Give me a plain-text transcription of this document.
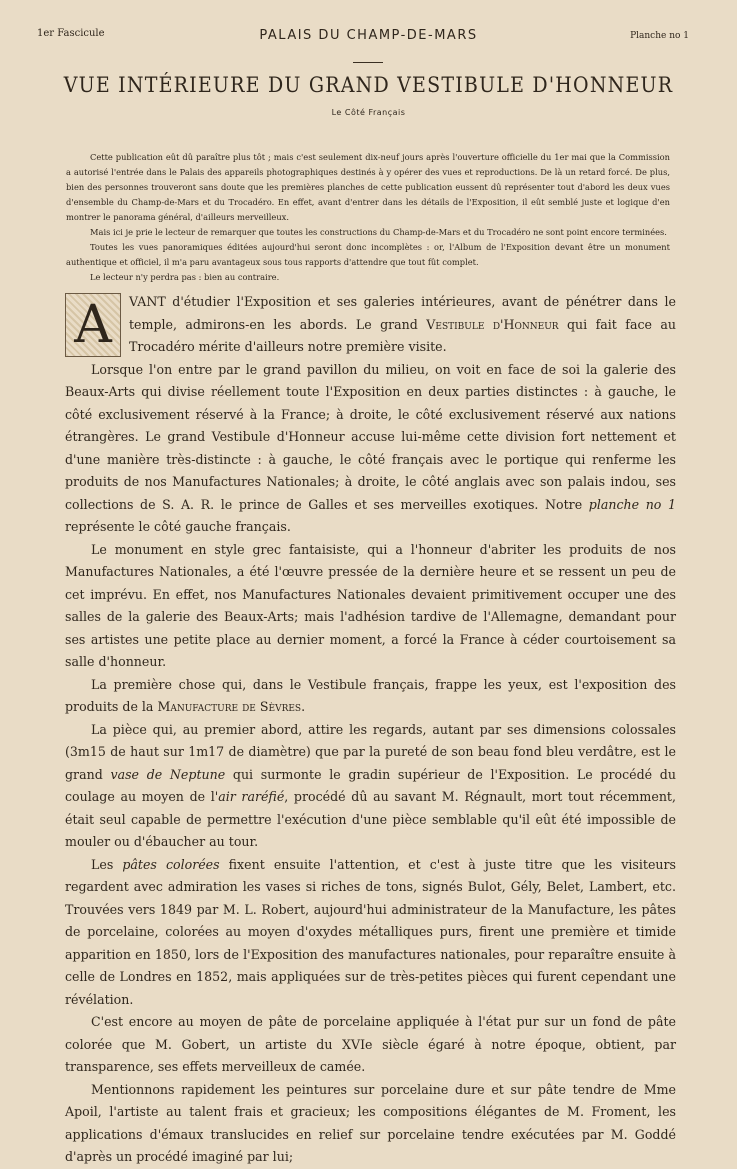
1er Fascicule	PALAIS DU CHAMP-DE-MARS	Planche no 1
VUE INTÉRIEURE DU GRAND VESTIBULE D'HONNEUR
Le Côté Français

Cette publication eût dû paraître plus tôt ; mais c'est seulement dix-neuf jours après l'ouverture officielle du 1er mai que la Commission a autorisé l'entrée dans le Palais des appareils photographiques destinés à y opérer des vues et reproductions. De là un retard forcé. De plus, bien des personnes trouveront sans doute que les premières planches de cette publication eussent dû représenter tout d'abord les deux vues d'ensemble du Champ-de-Mars et du Trocadéro. En effet, avant d'entrer dans les détails de l'Exposition, il eût semblé juste et logique d'en montrer le panorama général, d'ailleurs merveilleux.

Mais ici je prie le lecteur de remarquer que toutes les constructions du Champ-de-Mars et du Trocadéro ne sont point encore terminées.

Toutes les vues panoramiques éditées aujourd'hui seront donc incomplètes : or, l'Album de l'Exposition devant être un monument authentique et officiel, il m'a paru avantageux sous tous rapports d'attendre que tout fût complet.

Le lecteur n'y perdra pas : bien au contraire.

A	VANT d'étudier l'Exposition et ses galeries intérieures, avant de pénétrer dans le temple, admirons-en les abords. Le grand Vestibule d'Honneur qui fait face au Trocadéro mérite d'ailleurs notre première visite.

Lorsque l'on entre par le grand pavillon du milieu, on voit en face de soi la galerie des Beaux-Arts qui divise réellement toute l'Exposition en deux parties distinctes : à gauche, le côté exclusivement réservé à la France; à droite, le côté exclusivement réservé aux nations étrangères. Le grand Vestibule d'Honneur accuse lui-même cette division fort nettement et d'une manière très-distincte : à gauche, le côté français avec le portique qui renferme les produits de nos Manufactures Nationales; à droite, le côté anglais avec son palais indou, ses collections de S. A. R. le prince de Galles et ses merveilles exotiques. Notre planche no 1 représente le côté gauche français.

Le monument en style grec fantaisiste, qui a l'honneur d'abriter les produits de nos Manufactures Nationales, a été l'œuvre pressée de la dernière heure et se ressent un peu de cet imprévu. En effet, nos Manufactures Nationales devaient primitivement occuper une des salles de la galerie des Beaux-Arts; mais l'adhésion tardive de l'Allemagne, demandant pour ses artistes une petite place au dernier moment, a forcé la France à céder courtoisement sa salle d'honneur.

La première chose qui, dans le Vestibule français, frappe les yeux, est l'exposition des produits de la Manufacture de Sèvres.

La pièce qui, au premier abord, attire les regards, autant par ses dimensions colossales (3m15 de haut sur 1m17 de diamètre) que par la pureté de son beau fond bleu verdâtre, est le grand vase de Neptune qui surmonte le gradin supérieur de l'Exposition. Le procédé du coulage au moyen de l'air raréfié, procédé dû au savant M. Régnault, mort tout récemment, était seul capable de permettre l'exécution d'une pièce semblable qu'il eût été impossible de mouler ou d'ébaucher au tour.

Les pâtes colorées fixent ensuite l'attention, et c'est à juste titre que les visiteurs regardent avec admiration les vases si riches de tons, signés Bulot, Gély, Belet, Lambert, etc. Trouvées vers 1849 par M. L. Robert, aujourd'hui administrateur de la Manufacture, les pâtes de porcelaine, colorées au moyen d'oxydes métalliques purs, firent une première et timide apparition en 1850, lors de l'Exposition des manufactures nationales, pour reparaître ensuite à celle de Londres en 1852, mais appliquées sur de très-petites pièces qui furent cependant une révélation.

C'est encore au moyen de pâte de porcelaine appliquée à l'état pur sur un fond de pâte colorée que M. Gobert, un artiste du XVIe siècle égaré à notre époque, obtient, par transparence, ses effets merveilleux de camée.

Mentionnons rapidement les peintures sur porcelaine dure et sur pâte tendre de Mme Apoil, l'artiste au talent frais et gracieux; les compositions élégantes de M. Froment, les applications d'émaux translucides en relief sur porcelaine tendre exécutées par M. Goddé d'après un procédé imaginé par lui;
